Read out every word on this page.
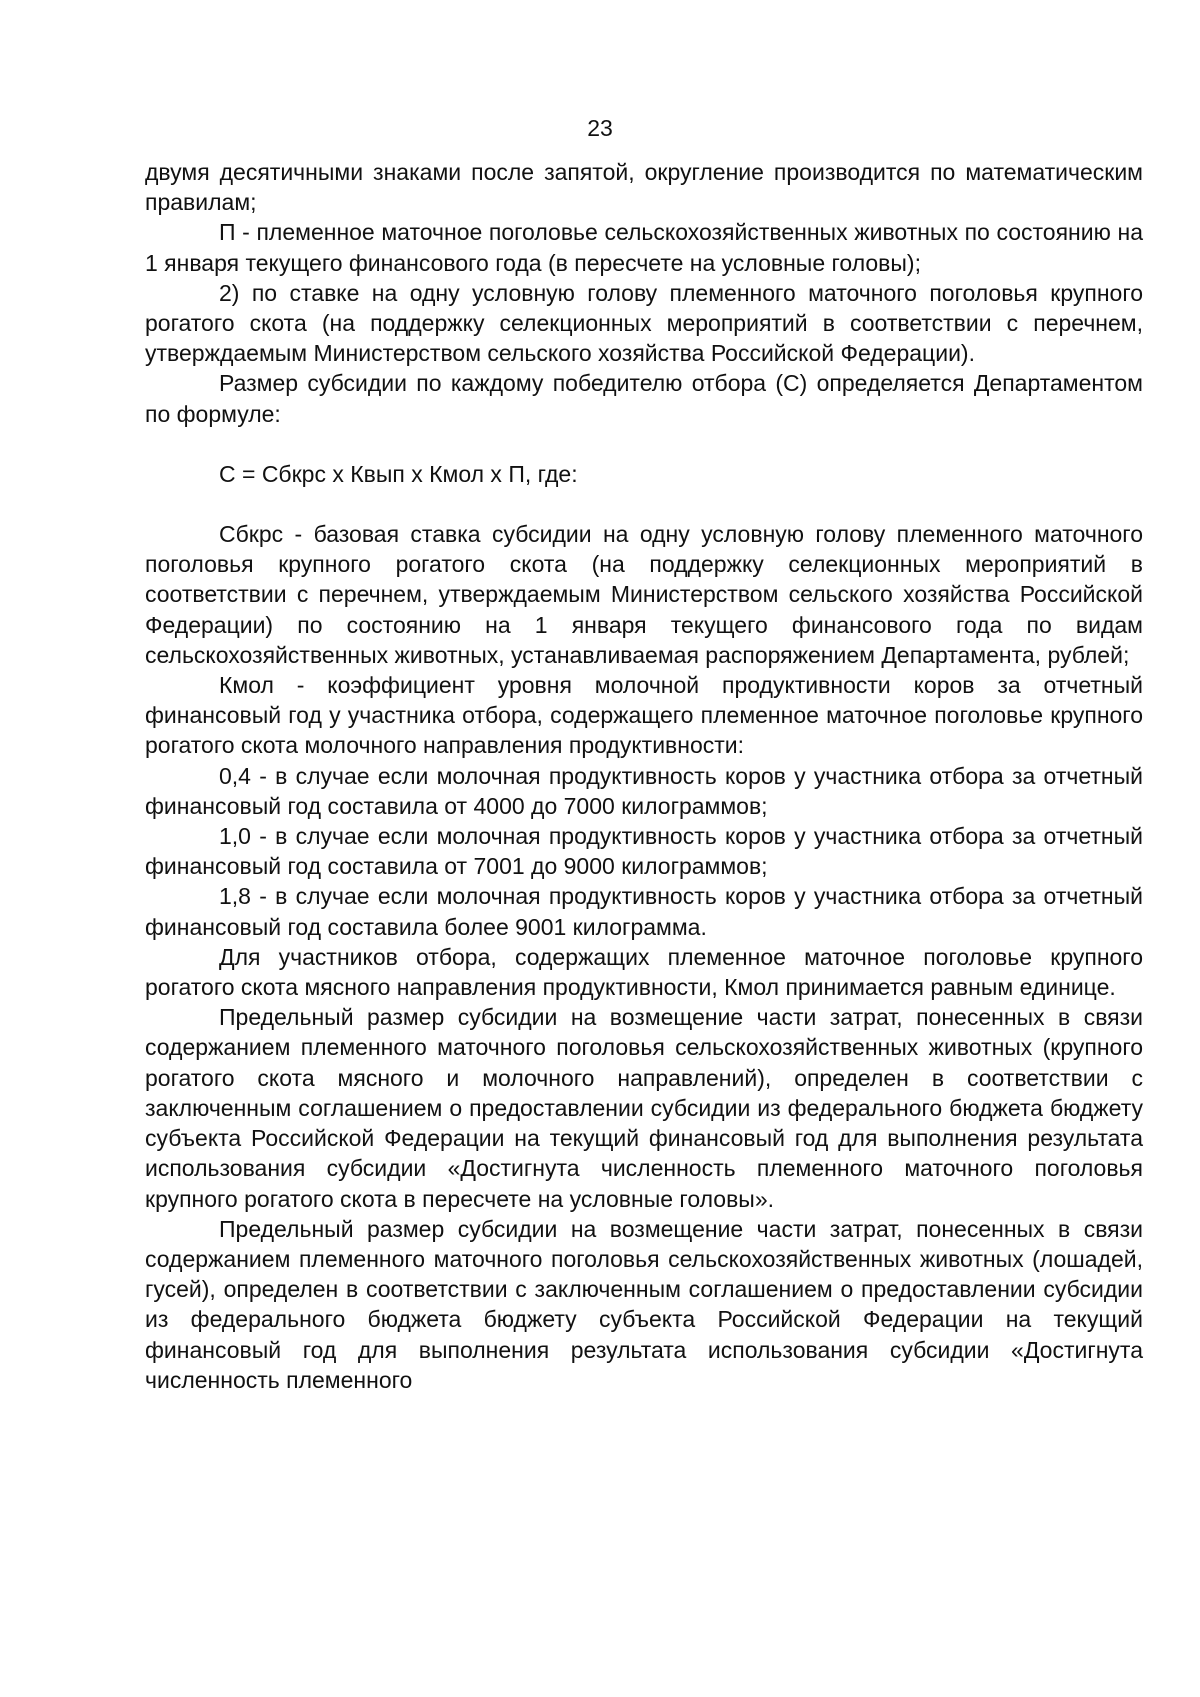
23

двумя десятичными знаками после запятой, округление производится по математическим правилам;

П - племенное маточное поголовье сельскохозяйственных животных по состоянию на 1 января текущего финансового года (в пересчете на условные головы);

2) по ставке на одну условную голову племенного маточного поголовья крупного рогатого скота (на поддержку селекционных мероприятий в соответствии с перечнем, утверждаемым Министерством сельского хозяйства Российской Федерации).

Размер субсидии по каждому победителю отбора (С) определяется Департаментом по формуле:

С = Сбкрс х Квып х Кмол х П, где:

Сбкрс - базовая ставка субсидии на одну условную голову племенного маточного поголовья крупного рогатого скота (на поддержку селекционных мероприятий в соответствии с перечнем, утверждаемым Министерством сельского хозяйства Российской Федерации) по состоянию на 1 января текущего финансового года по видам сельскохозяйственных животных, устанавливаемая распоряжением Департамента, рублей;

Кмол - коэффициент уровня молочной продуктивности коров за отчетный финансовый год у участника отбора, содержащего племенное маточное поголовье крупного рогатого скота молочного направления продуктивности:

0,4 - в случае если молочная продуктивность коров у участника отбора за отчетный финансовый год составила от 4000 до 7000 килограммов;

1,0 - в случае если молочная продуктивность коров у участника отбора за отчетный финансовый год составила от 7001 до 9000 килограммов;

1,8 - в случае если молочная продуктивность коров у участника отбора за отчетный финансовый год составила более 9001 килограмма.

Для участников отбора, содержащих племенное маточное поголовье крупного рогатого скота мясного направления продуктивности, Кмол принимается равным единице.

Предельный размер субсидии на возмещение части затрат, понесенных в связи содержанием племенного маточного поголовья сельскохозяйственных животных (крупного рогатого скота мясного и молочного направлений), определен в соответствии с заключенным соглашением о предоставлении субсидии из федерального бюджета бюджету субъекта Российской Федерации на текущий финансовый год для выполнения результата использования субсидии «Достигнута численность племенного маточного поголовья крупного рогатого скота в пересчете на условные головы».

Предельный размер субсидии на возмещение части затрат, понесенных в связи содержанием племенного маточного поголовья сельскохозяйственных животных (лошадей, гусей), определен в соответствии с заключенным соглашением о предоставлении субсидии из федерального бюджета бюджету субъекта Российской Федерации на текущий финансовый год для выполнения результата использования субсидии «Достигнута численность племенного
